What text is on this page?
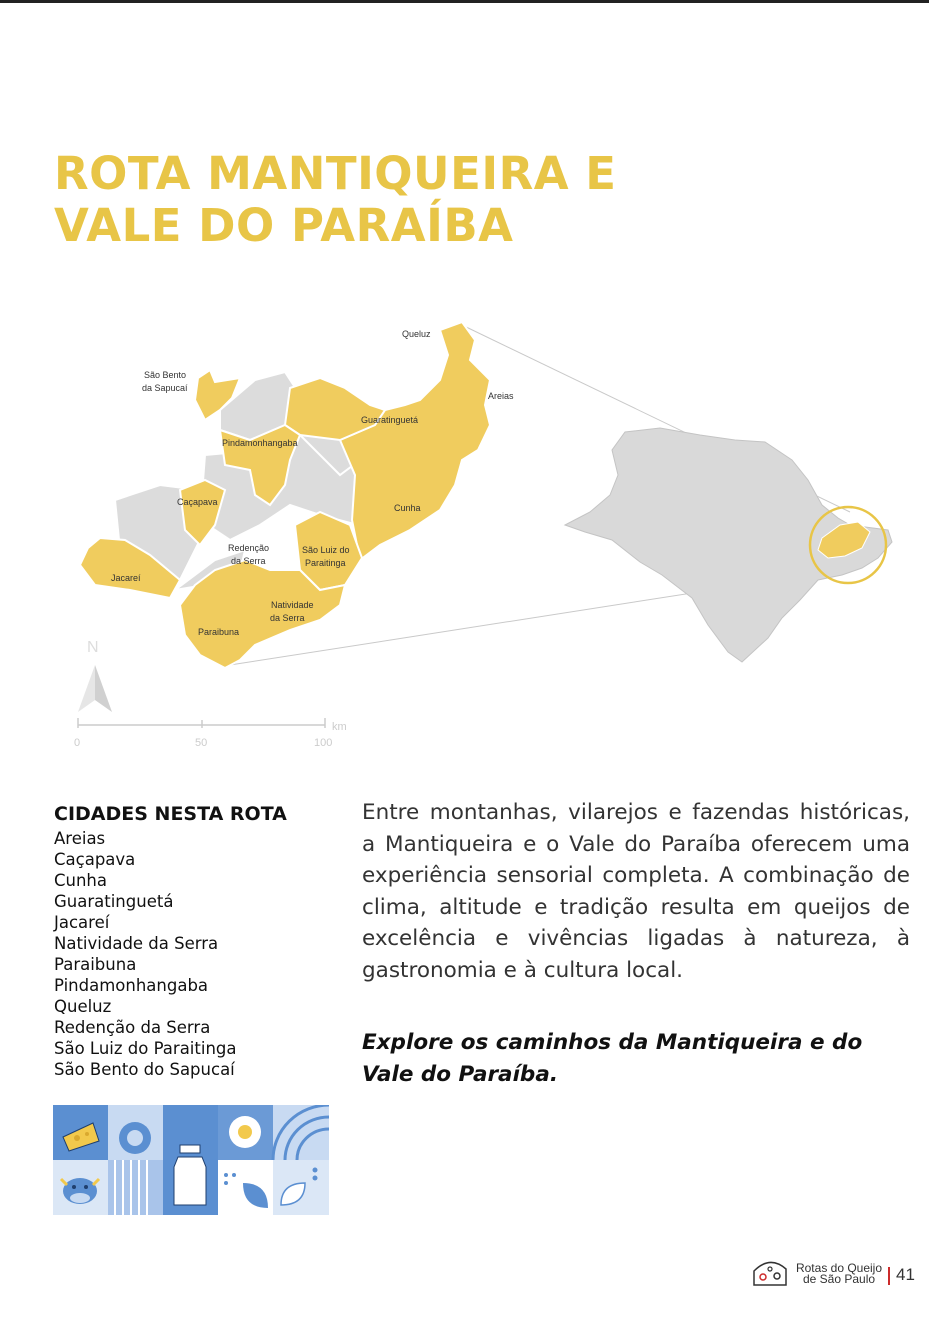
ROTA MANTIQUEIRA E
VALE DO PARAÍBA
Queluz
São Bento
da Sapucaí
Areias
Guaratinguetá
Pindamonhangaba
Caçapava
Cunha
Redenção
da Serra
São Luiz do
Paraitinga
Jacareí
Natividade
da Serra
Paraibuna
N
km
0	50	100
CIDADES NESTA ROTA
Areias
Caçapava
Cunha
Guaratinguetá
Jacareí
Natividade da Serra
Paraibuna
Pindamonhangaba
Queluz
Redenção da Serra
São Luiz do Paraitinga
São Bento do Sapucaí

Entre montanhas, vilarejos e fazendas históricas, a Mantiqueira e o Vale do Paraíba oferecem uma experiência sensorial completa. A combinação de clima, altitude e tradição resulta em queijos de excelência e vivências ligadas à natureza, à gastronomia e à cultura local.

Explore os caminhos da Mantiqueira e do Vale do Paraíba.

Rotas do Queijo
de São Paulo	41
